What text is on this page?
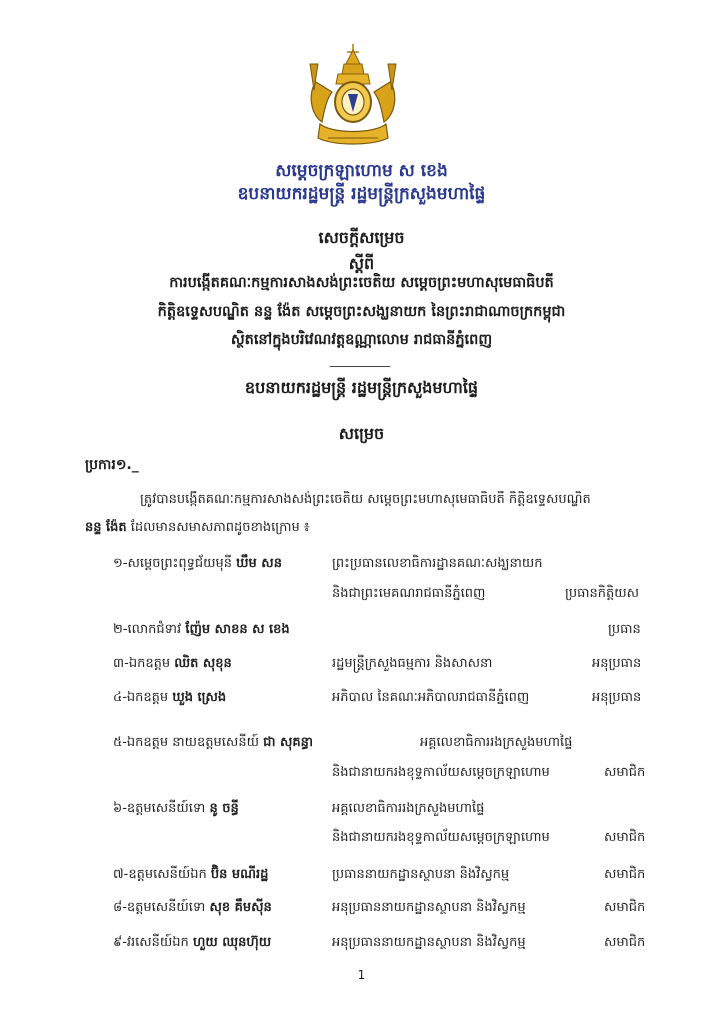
សម្ដេចក្រឡាហោម ស ខេង
ឧបនាយករដ្ឋមន្ត្រី រដ្ឋមន្ត្រីក្រសួងមហាផ្ទៃ
សេចក្ដីសម្រេច
ស្ដីពី
ការបង្កើតគណៈកម្មការសាងសង់ព្រះចេតិយ សម្ដេចព្រះមហាសុមេធាធិបតី
កិត្តិឧទ្ទេសបណ្ឌិត នន្ទ ង៉ែត សម្ដេចព្រះសង្ឃនាយក នៃព្រះរាជាណាចក្រកម្ពុជា
ស្ថិតនៅក្នុងបរិវេណវត្តឧណ្ណាលោម រាជធានីភ្នំពេញ
ឧបនាយករដ្ឋមន្ត្រី រដ្ឋមន្ត្រីក្រសួងមហាផ្ទៃ
សម្រេច
ប្រការ១._
ត្រូវបានបង្កើតគណៈកម្មការសាងសង់ព្រះចេតិយ សម្ដេចព្រះមហាសុមេធាធិបតី កិត្តិឧទ្ទេសបណ្ឌិត
នន្ទ ង៉ែត ដែលមានសមាសភាពដូចខាងក្រោម ៖
១-សម្ដេចព្រះពុទ្ធជ័យមុនី ឃឹម សន	ព្រះប្រធានលេខាធិការដ្ឋានគណៈសង្ឃនាយក
និងជាព្រះមេគណរាជធានីភ្នំពេញ	ប្រធានកិត្តិយស
២-លោកជំទាវ ញ៉ែម សាខន ស ខេង	ប្រធាន
៣-ឯកឧត្ដម ឈិត សុខុន	រដ្ឋមន្ត្រីក្រសួងធម្មការ និងសាសនា	អនុប្រធាន
៤-ឯកឧត្ដម ឃួង ស្រេង	អភិបាល នៃគណៈអភិបាលរាជធានីភ្នំពេញ	អនុប្រធាន
៥-ឯកឧត្ដម នាយឧត្តមសេនីយ៍ ជា សុគន្ធា	អគ្គលេខាធិការរងក្រសួងមហាផ្ទៃ
និងជានាយករងខុទ្ទកាល័យសម្ដេចក្រឡាហោម	សមាជិក
៦-ឧត្តមសេនីយ៍ទោ នូ ចន្ធី	អគ្គលេខាធិការរងក្រសួងមហាផ្ទៃ
និងជានាយករងខុទ្ទកាល័យសម្ដេចក្រឡាហោម	សមាជិក
៧-ឧត្តមសេនីយ៍ឯក ប៊ិន មណីរដ្ឋ	ប្រធាននាយកដ្ឋានស្ថាបនា និងវិស្វកម្ម	សមាជិក
៨-ឧត្តមសេនីយ៍ទោ សុខ គឹមស៊ីន	អនុប្រធាននាយកដ្ឋានស្ថាបនា និងវិស្វកម្ម	សមាជិក
៩-វរសេនីយ៍ឯក ហួយ ឈុនហ៊ុយ	អនុប្រធាននាយកដ្ឋានស្ថាបនា និងវិស្វកម្ម	សមាជិក
1
